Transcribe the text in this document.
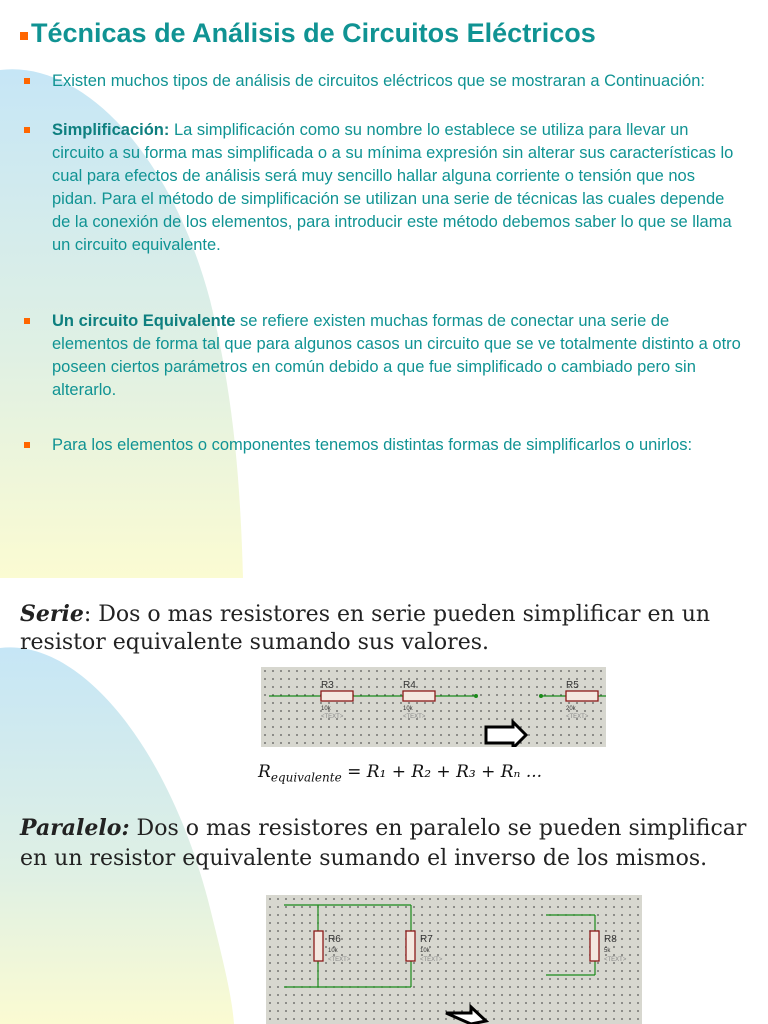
Técnicas de Análisis de Circuitos Eléctricos
Existen muchos tipos de análisis de circuitos eléctricos que se mostraran a Continuación:
Simplificación: La simplificación como su nombre lo establece se utiliza para llevar un circuito a su forma mas simplificada o a su mínima expresión sin alterar sus características lo cual para efectos de análisis será muy sencillo hallar alguna corriente o tensión que nos pidan. Para el método de simplificación se utilizan una serie de técnicas las cuales depende de la conexión de los elementos, para introducir este método debemos saber lo que se llama un circuito equivalente.
Un circuito Equivalente se refiere existen muchas formas de conectar una serie de elementos de forma tal que para algunos casos un circuito que se ve totalmente distinto a otro poseen ciertos parámetros en común debido a que fue simplificado o cambiado pero sin alterarlo.
Para los elementos o componentes tenemos distintas formas de simplificarlos o unirlos:
Serie: Dos o mas resistores en serie pueden simplificar en un resistor equivalente sumando sus valores.
R3
10k
<TEXT>
R4
10k
<TEXT>
R5
20k
<TEXT>
$R_{equivalente} = R_1 + R_2 + R_3 + R_n$ ...
Paralelo: Dos o mas resistores en paralelo se pueden simplificar en un resistor equivalente sumando el inverso de los mismos.
R6
10k
<TEXT>
R7
10k
<TEXT>
R8
5k
<TEXT>
